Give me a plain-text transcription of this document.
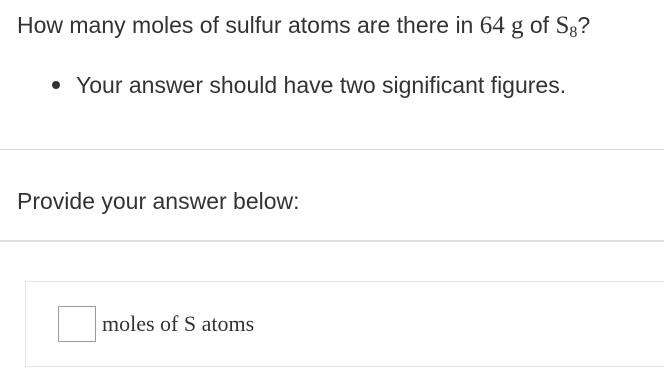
How many moles of sulfur atoms are there in 64 g of S8?
Your answer should have two significant figures.
Provide your answer below:
moles of S atoms
